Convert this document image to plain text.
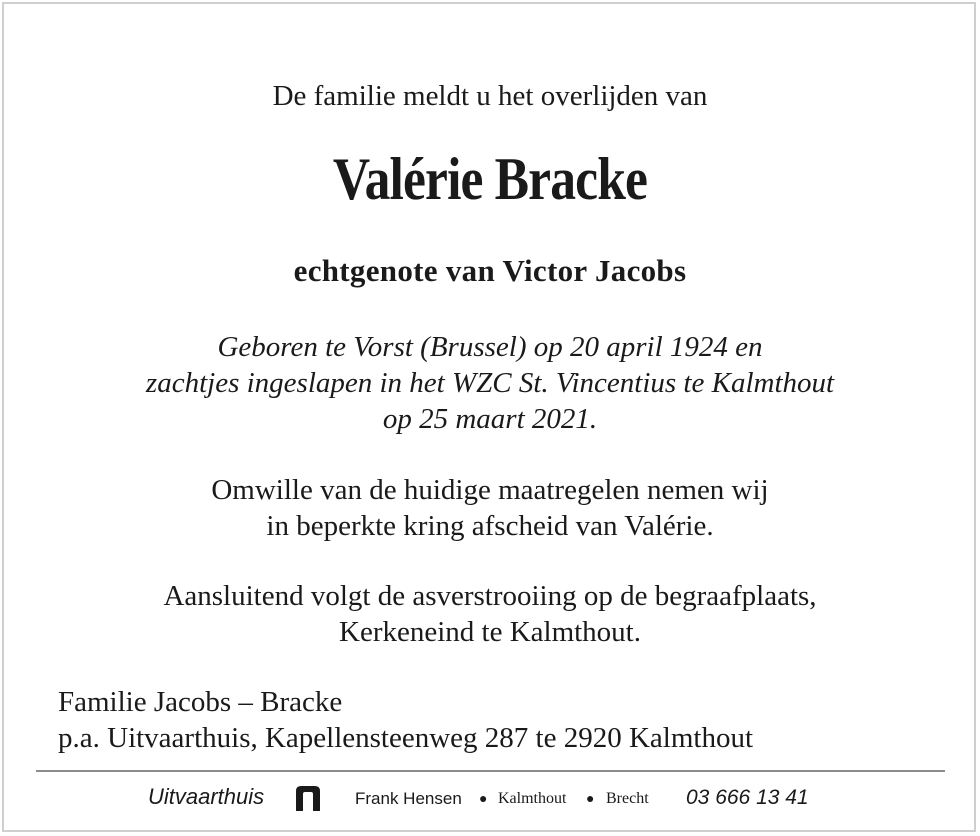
De familie meldt u het overlijden van
Valérie Bracke
echtgenote van Victor Jacobs
Geboren te Vorst (Brussel) op 20 april 1924 en
zachtjes ingeslapen in het WZC St. Vincentius te Kalmthout
op 25 maart 2021.
Omwille van de huidige maatregelen nemen wij
in beperkte kring afscheid van Valérie.
Aansluitend volgt de asverstrooiing op de begraafplaats,
Kerkeneind te Kalmthout.
Familie Jacobs – Bracke
p.a. Uitvaarthuis, Kapellensteenweg 287 te 2920 Kalmthout
Uitvaarthuis	Frank Hensen ● Kalmthout ● Brecht 03 666 13 41
